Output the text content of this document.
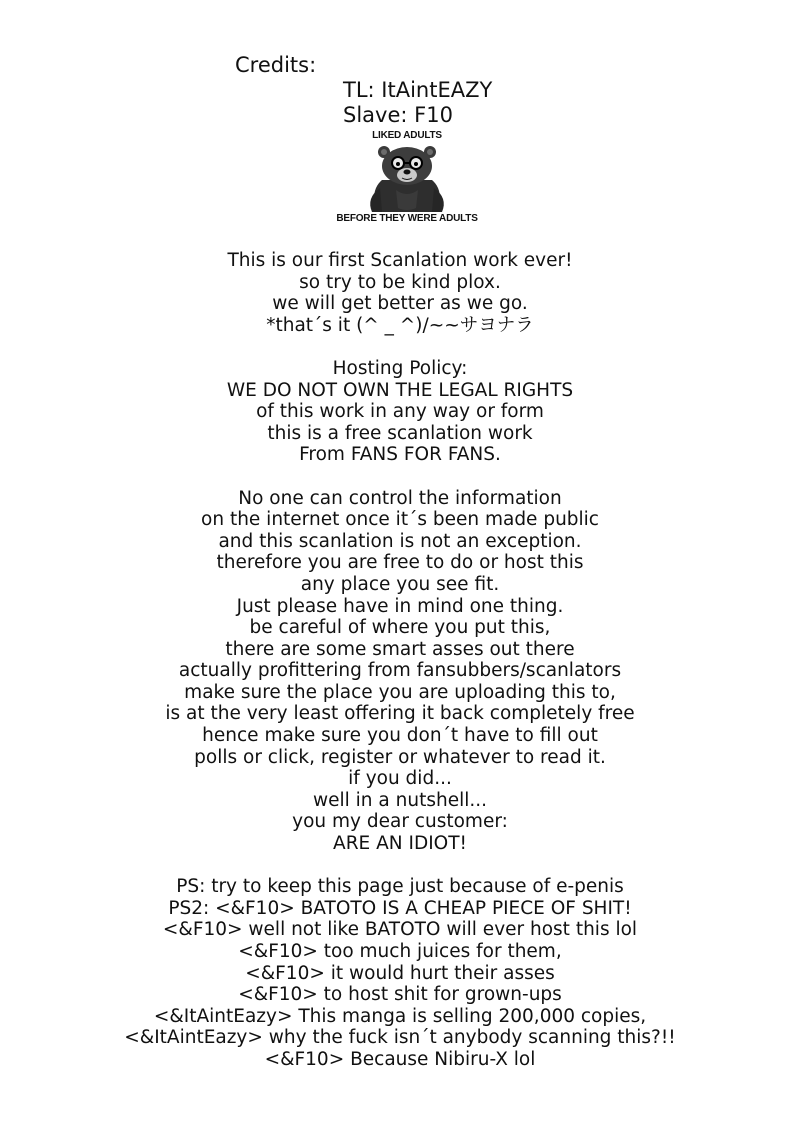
Credits:
TL: ItAintEAZY
Slave: F10
LIKED ADULTS
BEFORE THEY WERE ADULTS
This is our first Scanlation work ever!
so try to be kind plox.
we will get better as we go.
*that´s it (^ _ ^)/~~サヨナラ
Hosting Policy:
WE DO NOT OWN THE LEGAL RIGHTS
of this work in any way or form
this is a free scanlation work
From FANS FOR FANS.
No one can control the information
on the internet once it´s been made public
and this scanlation is not an exception.
therefore you are free to do or host this
any place you see fit.
Just please have in mind one thing.
be careful of where you put this,
there are some smart asses out there
actually profittering from fansubbers/scanlators
make sure the place you are uploading this to,
is at the very least offering it back completely free
hence make sure you don´t have to fill out
polls or click, register or whatever to read it.
if you did...
well in a nutshell...
you my dear customer:
ARE AN IDIOT!
PS: try to keep this page just because of e-penis
PS2: <&F10> BATOTO IS A CHEAP PIECE OF SHIT!
<&F10> well not like BATOTO will ever host this lol
<&F10> too much juices for them,
<&F10> it would hurt their asses
<&F10> to host shit for grown-ups
<&ItAintEazy> This manga is selling 200,000 copies,
<&ItAintEazy> why the fuck isn´t anybody scanning this?!!
<&F10> Because Nibiru-X lol
